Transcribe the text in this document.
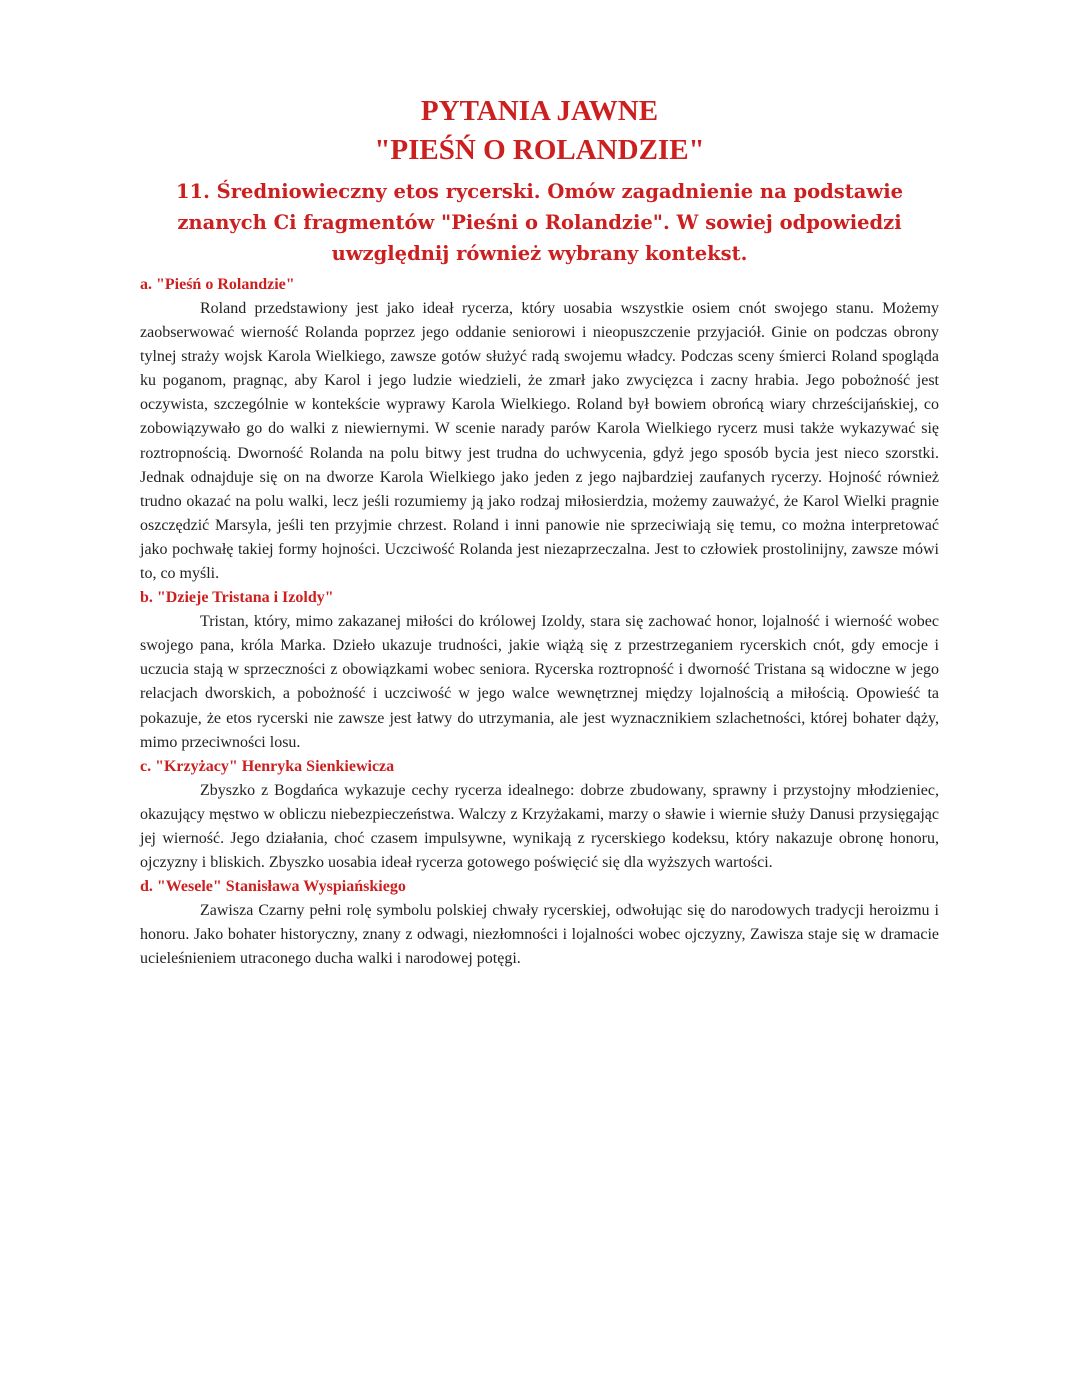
PYTANIA JAWNE
"PIEŚŃ O ROLANDZIE"
11. Średniowieczny etos rycerski. Omów zagadnienie na podstawie znanych Ci fragmentów "Pieśni o Rolandzie". W sowiej odpowiedzi uwzględnij również wybrany kontekst.
a. "Pieśń o Rolandzie"

Roland przedstawiony jest jako ideał rycerza, który uosabia wszystkie osiem cnót swojego stanu. Możemy zaobserwować wierność Rolanda poprzez jego oddanie seniorowi i nieopuszczenie przyjaciół. Ginie on podczas obrony tylnej straży wojsk Karola Wielkiego, zawsze gotów służyć radą swojemu władcy. Podczas sceny śmierci Roland spogląda ku poganom, pragnąc, aby Karol i jego ludzie wiedzieli, że zmarł jako zwycięzca i zacny hrabia. Jego pobożność jest oczywista, szczególnie w kontekście wyprawy Karola Wielkiego. Roland był bowiem obrońcą wiary chrześcijańskiej, co zobowiązywało go do walki z niewiernymi. W scenie narady parów Karola Wielkiego rycerz musi także wykazywać się roztropnością. Dworność Rolanda na polu bitwy jest trudna do uchwycenia, gdyż jego sposób bycia jest nieco szorstki. Jednak odnajduje się on na dworze Karola Wielkiego jako jeden z jego najbardziej zaufanych rycerzy. Hojność również trudno okazać na polu walki, lecz jeśli rozumiemy ją jako rodzaj miłosierdzia, możemy zauważyć, że Karol Wielki pragnie oszczędzić Marsyla, jeśli ten przyjmie chrzest. Roland i inni panowie nie sprzeciwiają się temu, co można interpretować jako pochwałę takiej formy hojności. Uczciwość Rolanda jest niezaprzeczalna. Jest to człowiek prostolinijny, zawsze mówi to, co myśli.

b. "Dzieje Tristana i Izoldy"

Tristan, który, mimo zakazanej miłości do królowej Izoldy, stara się zachować honor, lojalność i wierność wobec swojego pana, króla Marka. Dzieło ukazuje trudności, jakie wiążą się z przestrzeganiem rycerskich cnót, gdy emocje i uczucia stają w sprzeczności z obowiązkami wobec seniora. Rycerska roztropność i dworność Tristana są widoczne w jego relacjach dworskich, a pobożność i uczciwość w jego walce wewnętrznej między lojalnością a miłością. Opowieść ta pokazuje, że etos rycerski nie zawsze jest łatwy do utrzymania, ale jest wyznacznikiem szlachetności, której bohater dąży, mimo przeciwności losu.

c. "Krzyżacy" Henryka Sienkiewicza

Zbyszko z Bogdańca wykazuje cechy rycerza idealnego: dobrze zbudowany, sprawny i przystojny młodzieniec, okazujący męstwo w obliczu niebezpieczeństwa. Walczy z Krzyżakami, marzy o sławie i wiernie służy Danusi przysięgając jej wierność. Jego działania, choć czasem impulsywne, wynikają z rycerskiego kodeksu, który nakazuje obronę honoru, ojczyzny i bliskich. Zbyszko uosabia ideał rycerza gotowego poświęcić się dla wyższych wartości.

d. "Wesele" Stanisława Wyspiańskiego

Zawisza Czarny pełni rolę symbolu polskiej chwały rycerskiej, odwołując się do narodowych tradycji heroizmu i honoru. Jako bohater historyczny, znany z odwagi, niezłomności i lojalności wobec ojczyzny, Zawisza staje się w dramacie ucieleśnieniem utraconego ducha walki i narodowej potęgi.
